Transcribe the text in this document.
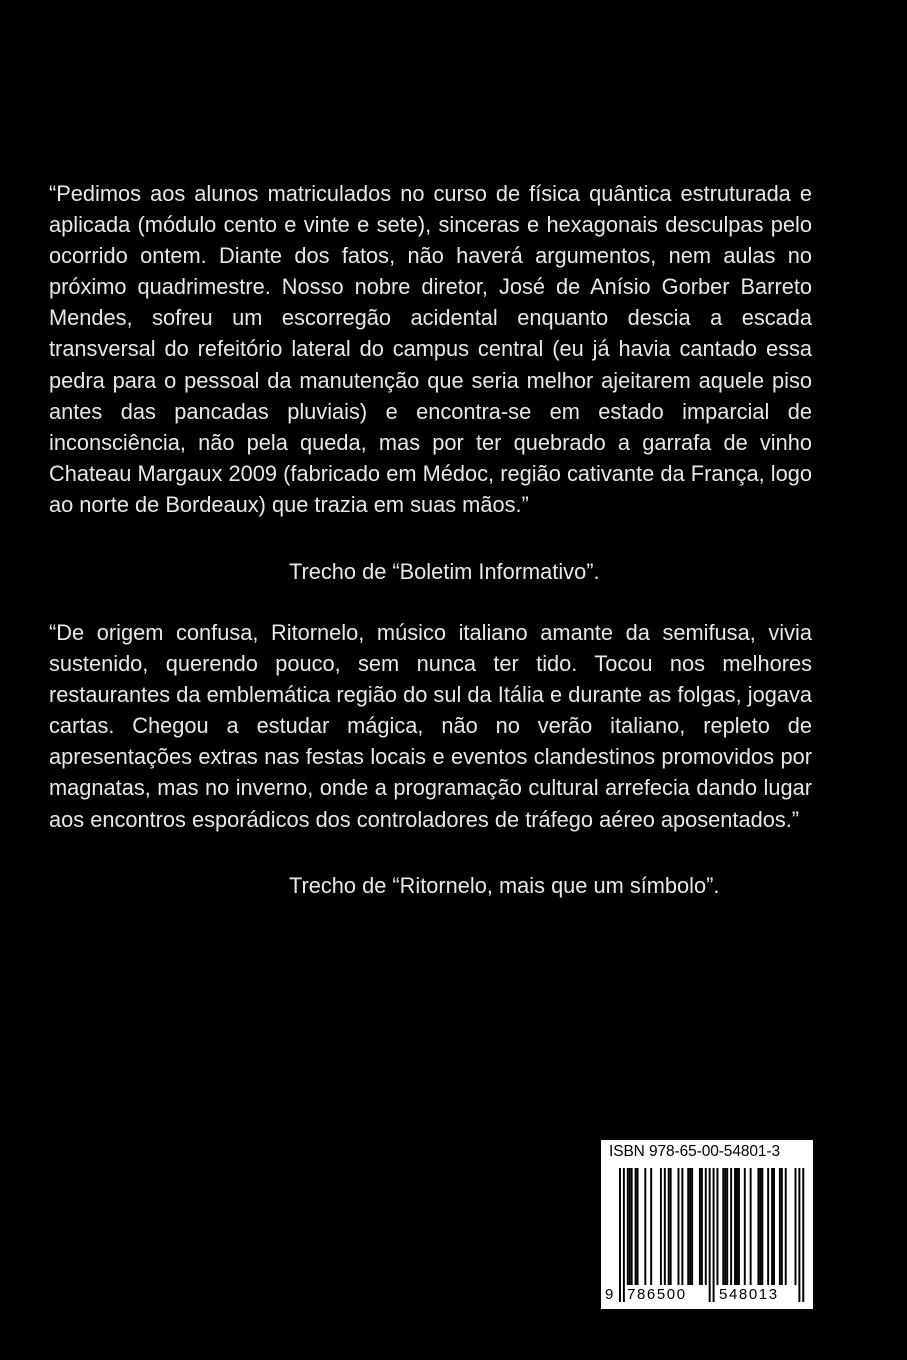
“Pedimos aos alunos matriculados no curso de física quântica estruturada e aplicada (módulo cento e vinte e sete), sinceras e hexagonais desculpas pelo ocorrido ontem. Diante dos fatos, não haverá argumentos, nem aulas no próximo quadrimestre. Nosso nobre diretor, José de Anísio Gorber Barreto Mendes, sofreu um escorregão acidental enquanto descia a escada transversal do refeitório lateral do campus central (eu já havia cantado essa pedra para o pessoal da manutenção que seria melhor ajeitarem aquele piso antes das pancadas pluviais) e encontra-se em estado imparcial de inconsciência, não pela queda, mas por ter quebrado a garrafa de vinho Chateau Margaux 2009 (fabricado em Médoc, região cativante da França, logo ao norte de Bordeaux) que trazia em suas mãos.”

Trecho de “Boletim Informativo”.

“De origem confusa, Ritornelo, músico italiano amante da semifusa, vivia sustenido, querendo pouco, sem nunca ter tido. Tocou nos melhores restaurantes da emblemática região do sul da Itália e durante as folgas, jogava cartas. Chegou a estudar mágica, não no verão italiano, repleto de apresentações extras nas festas locais e eventos clandestinos promovidos por magnatas, mas no inverno, onde a programação cultural arrefecia dando lugar aos encontros esporádicos dos controladores de tráfego aéreo aposentados.”

Trecho de “Ritornelo, mais que um símbolo”.

ISBN 978-65-00-54801-3
9 786500 548013
